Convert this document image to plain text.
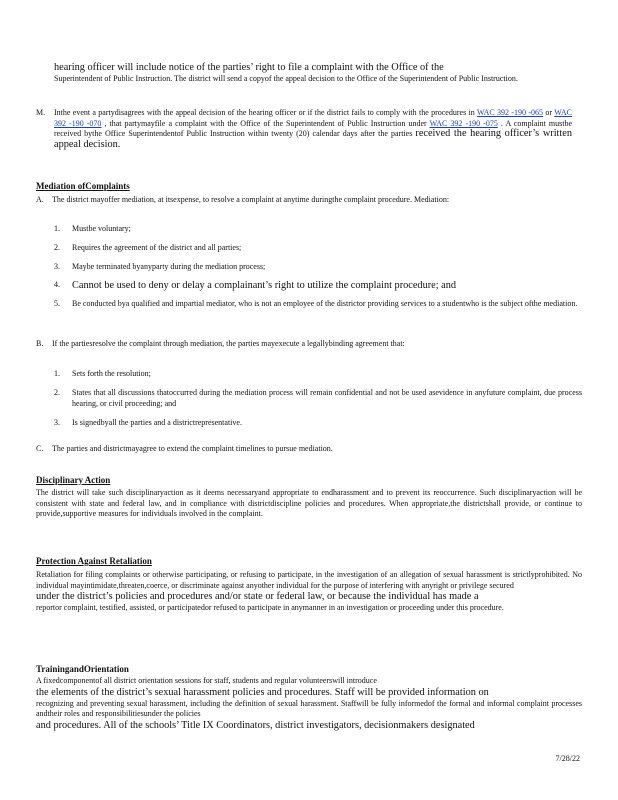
hearing officer will include notice of the parties’ right to file a complaint with the Office of the
Superintendent of Public Instruction. The district will send a copyof the appeal decision to the Office of the Superintendent of Public Instruction.
M.	Inthe event a partydisagrees with the appeal decision of the hearing officer or if the district fails to comply with the procedures in WAC 392 -190 -065 or WAC 392 -190 -070 , that partymayfile a complaint with the Office of the Superintendent of Public Instruction under WAC 392 -190 -075 . A complaint mustbe received bythe Office Superintendentof Public Instruction within twenty (20) calendar days after the parties received the hearing officer’s written appeal decision.
Mediation ofComplaints
A.	The district mayoffer mediation, at itsexpense, to resolve a complaint at anytime duringthe complaint procedure. Mediation:
1.	Mustbe voluntary;
2.	Requires the agreement of the district and all parties;
3.	Maybe terminated byanyparty during the mediation process;
4.	Cannot be used to deny or delay a complainant’s right to utilize the complaint procedure; and
5.	Be conducted bya qualified and impartial mediator, who is not an employee of the districtor providing services to a studentwho is the subject ofthe mediation.
B.	If the partiesresolve the complaint through mediation, the parties mayexecute a legallybinding agreement that:
1.	Sets forth the resolution;
2.	States that all discussions thatoccurred during the mediation process will remain confidential and not be used asevidence in anyfuture complaint, due process hearing, or civil proceeding; and
3.	Is signedbyall the parties and a districtrepresentative.
C.	The parties and districtmayagree to extend the complaint timelines to pursue mediation.
Disciplinary Action
The district will take such disciplinaryaction as it deems necessaryand appropriate to endharassment and to prevent its reoccurrence. Such disciplinaryaction will be consistent with state and federal law, and in compliance with districtdiscipline policies and procedures. When appropriate,the districtshall provide, or continue to provide,supportive measures for individuals involved in the complaint.
Protection Against Retaliation
Retaliation for filing complaints or otherwise participating, or refusing to participate, in the investigation of an allegation of sexual harassment is strictlyprohibited. No individual mayintimidate,threaten,coerce, or discriminate against anyother individual for the purpose of interfering with anyright or privilege secured
under the district’s policies and procedures and/or state or federal law, or because the individual has made a
reportor complaint, testified, assisted, or participatedor refused to participate in anymanner in an investigation or proceeding under this procedure.
TrainingandOrientation
A fixedcomponentof all district orientation sessions for staff, students and regular volunteerswill introduce
the elements of the district’s sexual harassment policies and procedures. Staff will be provided information on
recognizing and preventing sexual harassment, including the definition of sexual harassment. Staffwill be fully informedof the formal and informal complaint processes andtheir roles and responsibilitiesunder the policies
and procedures. All of the schools’ Title IX Coordinators, district investigators, decisionmakers designated
7/28/22
